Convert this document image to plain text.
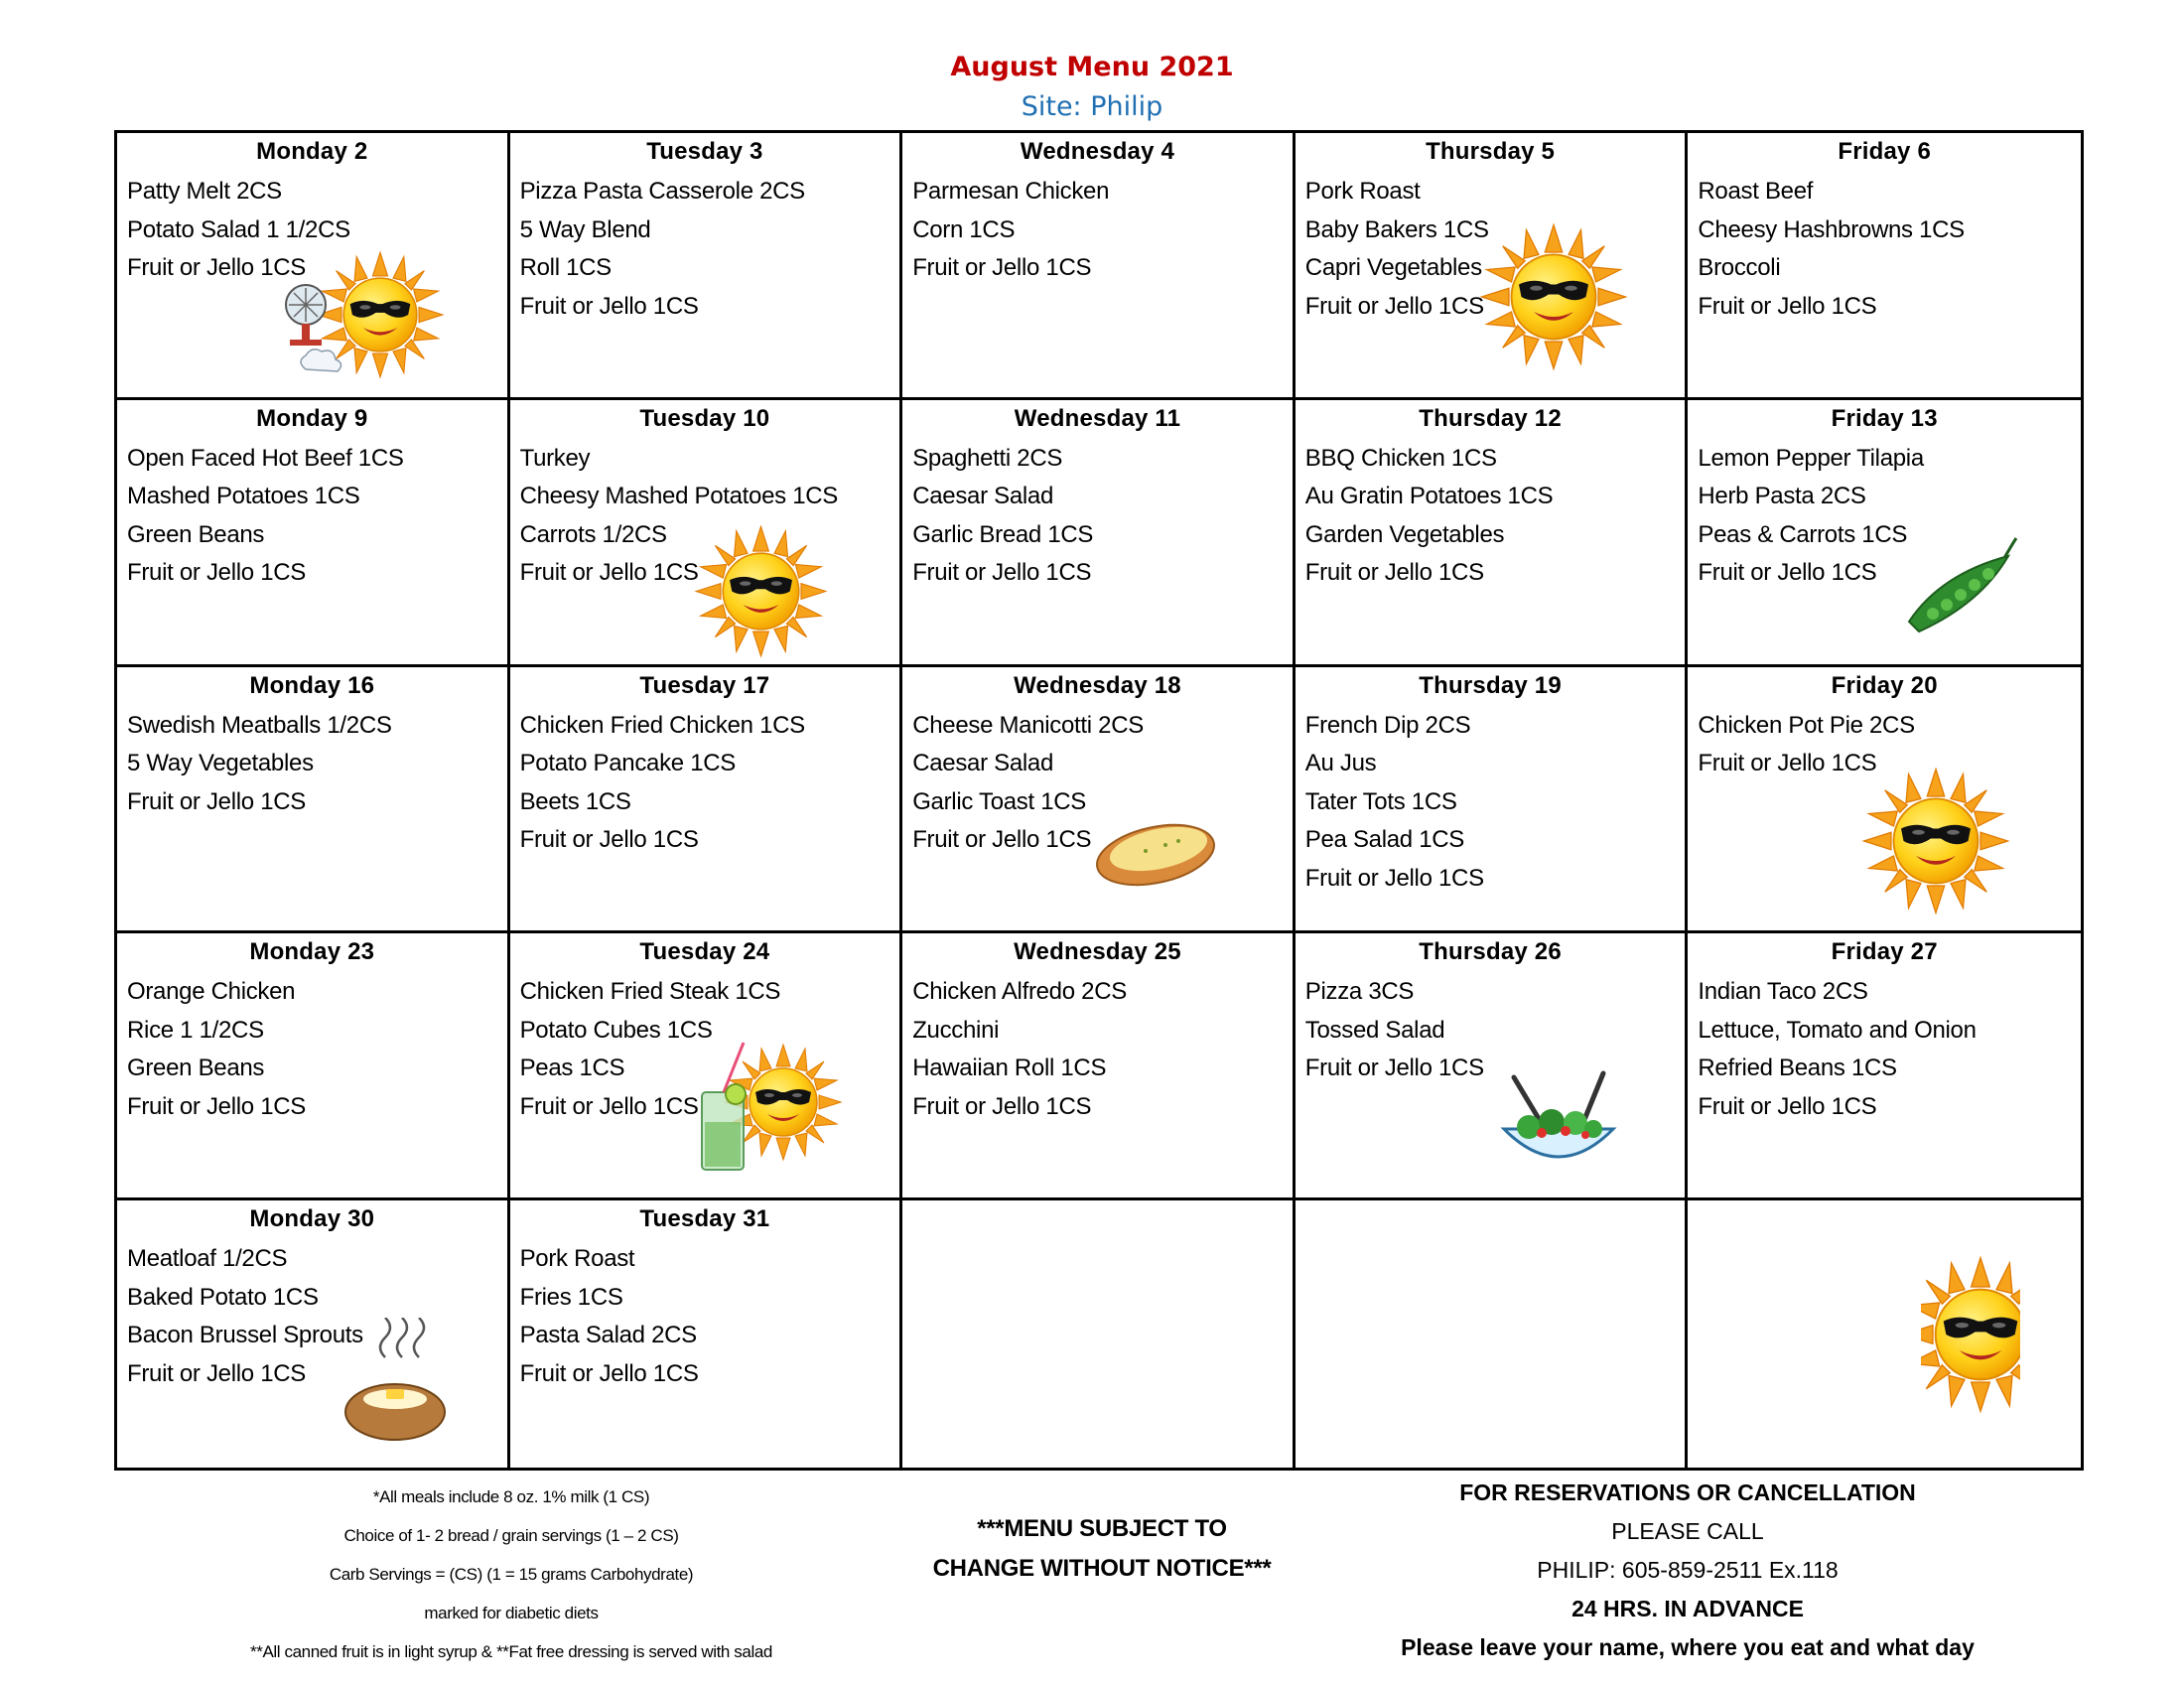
August Menu 2021
Site: Philip
Monday 2
Patty Melt 2CS
Potato Salad 1 1/2CS
Fruit or Jello 1CS
Tuesday 3
Pizza Pasta Casserole 2CS
5 Way Blend
Roll 1CS
Fruit or Jello 1CS
Wednesday 4
Parmesan Chicken
Corn 1CS
Fruit or Jello 1CS
Thursday 5
Pork Roast
Baby Bakers 1CS
Capri Vegetables
Fruit or Jello 1CS
Friday 6
Roast Beef
Cheesy Hashbrowns 1CS
Broccoli
Fruit or Jello 1CS
Monday 9
Open Faced Hot Beef 1CS
Mashed Potatoes 1CS
Green Beans
Fruit or Jello 1CS
Tuesday 10
Turkey
Cheesy Mashed Potatoes 1CS
Carrots 1/2CS
Fruit or Jello 1CS
Wednesday 11
Spaghetti 2CS
Caesar Salad
Garlic Bread 1CS
Fruit or Jello 1CS
Thursday 12
BBQ Chicken 1CS
Au Gratin Potatoes 1CS
Garden Vegetables
Fruit or Jello 1CS
Friday 13
Lemon Pepper Tilapia
Herb Pasta 2CS
Peas & Carrots 1CS
Fruit or Jello 1CS
Monday 16
Swedish Meatballs 1/2CS
5 Way Vegetables
Fruit or Jello 1CS
Tuesday 17
Chicken Fried Chicken 1CS
Potato Pancake 1CS
Beets 1CS
Fruit or Jello 1CS
Wednesday 18
Cheese Manicotti 2CS
Caesar Salad
Garlic Toast 1CS
Fruit or Jello 1CS
Thursday 19
French Dip 2CS
Au Jus
Tater Tots 1CS
Pea Salad 1CS
Fruit or Jello 1CS
Friday 20
Chicken Pot Pie 2CS
Fruit or Jello 1CS
Monday 23
Orange Chicken
Rice 1 1/2CS
Green Beans
Fruit or Jello 1CS
Tuesday 24
Chicken Fried Steak 1CS
Potato Cubes 1CS
Peas 1CS
Fruit or Jello 1CS
Wednesday 25
Chicken Alfredo 2CS
Zucchini
Hawaiian Roll 1CS
Fruit or Jello 1CS
Thursday 26
Pizza 3CS
Tossed Salad
Fruit or Jello 1CS
Friday 27
Indian Taco 2CS
Lettuce, Tomato and Onion
Refried Beans 1CS
Fruit or Jello 1CS
Monday 30
Meatloaf 1/2CS
Baked Potato 1CS
Bacon Brussel Sprouts
Fruit or Jello 1CS
Tuesday 31
Pork Roast
Fries 1CS
Pasta Salad 2CS
Fruit or Jello 1CS
*All meals include 8 oz. 1% milk (1 CS)
Choice of 1- 2 bread / grain servings (1 – 2 CS)
Carb Servings = (CS) (1 = 15 grams Carbohydrate)
marked for diabetic diets
**All canned fruit is in light syrup & **Fat free dressing is served with salad
***MENU SUBJECT TO
CHANGE WITHOUT NOTICE***
FOR RESERVATIONS OR CANCELLATION
PLEASE CALL
PHILIP: 605-859-2511 Ex.118
24 HRS. IN ADVANCE
Please leave your name, where you eat and what day
